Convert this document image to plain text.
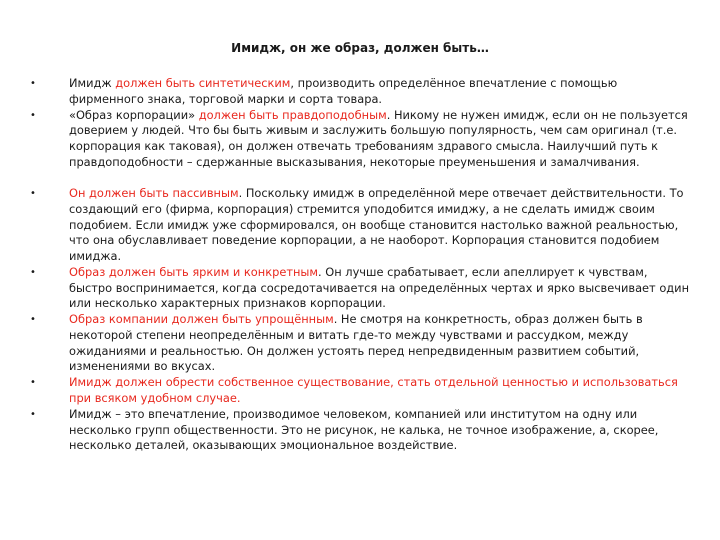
Имидж, он же образ, должен быть…
•	Имидж должен быть синтетическим, производить определённое впечатление с помощью фирменного знака, торговой марки и сорта товара.
•	«Образ корпорации» должен быть правдоподобным. Никому не нужен имидж, если он не пользуется доверием у людей. Что бы быть живым и заслужить большую популярность, чем сам оригинал (т.е. корпорация как таковая), он должен отвечать требованиям здравого смысла. Наилучший путь к правдоподобности – сдержанные высказывания, некоторые преуменьшения и замалчивания.
•	Он должен быть пассивным. Поскольку имидж в определённой мере отвечает действительности. То создающий его (фирма, корпорация) стремится уподобится имиджу, а не сделать имидж своим подобием. Если имидж уже сформировался, он вообще становится настолько важной реальностью, что она обуславливает поведение корпорации, а не наоборот. Корпорация становится подобием имиджа.
•	Образ должен быть ярким и конкретным. Он лучше срабатывает, если апеллирует к чувствам, быстро воспринимается, когда сосредотачивается на определённых чертах и ярко высвечивает один или несколько характерных признаков корпорации.
•	Образ компании должен быть упрощённым. Не смотря на конкретность, образ должен быть в некоторой степени неопределённым и витать где-то между чувствами и рассудком, между ожиданиями и реальностью. Он должен устоять перед непредвиденным развитием событий, изменениями во вкусах.
•	Имидж должен обрести собственное существование, стать отдельной ценностью и использоваться при всяком удобном случае.
•	Имидж – это впечатление, производимое человеком, компанией или институтом на одну или несколько групп общественности. Это не рисунок, не калька, не точное изображение, а, скорее, несколько деталей, оказывающих эмоциональное воздействие.
